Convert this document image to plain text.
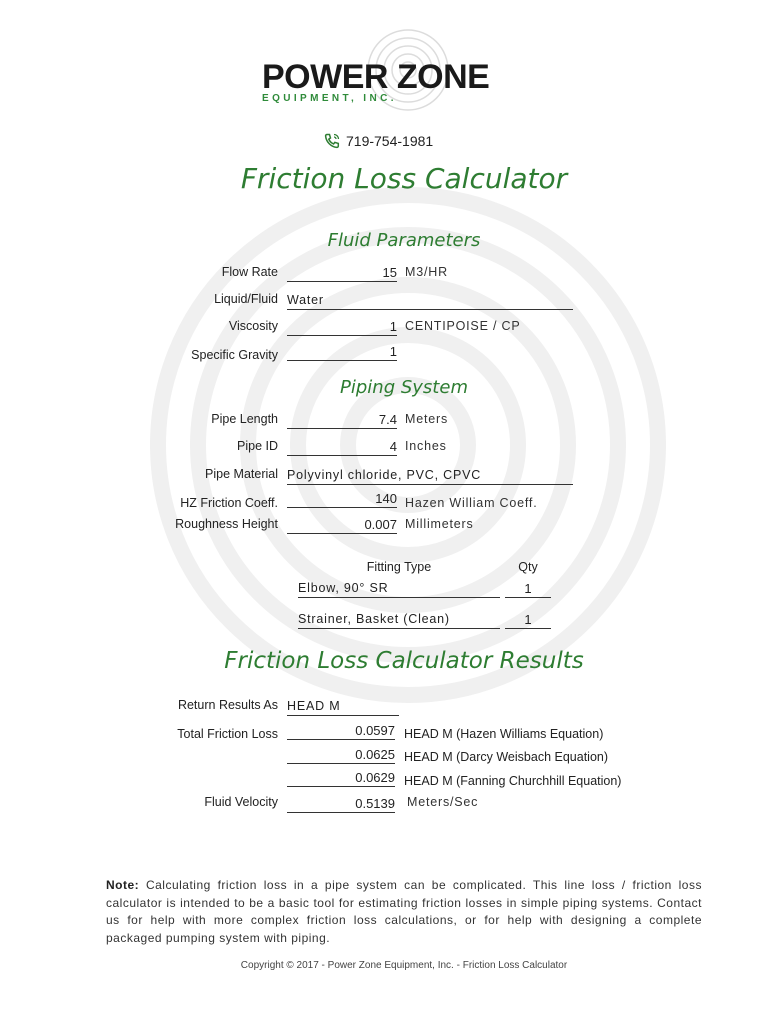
POWER ZONE
EQUIPMENT, INC.
719-754-1981
Friction Loss Calculator
Fluid Parameters
Flow Rate	15 M3/HR
Liquid/Fluid Water
Viscosity	1 CENTIPOISE / CP
Specific Gravity	1
Piping System
Pipe Length	7.4 Meters
Pipe ID	4 Inches
Pipe Material Polyvinyl chloride, PVC, CPVC
HZ Friction Coeff.	140 Hazen William Coeff.
Roughness Height	0.007 Millimeters
Fitting Type	Qty
Elbow, 90° SR	1
Strainer, Basket (Clean)	1
Friction Loss Calculator Results
Return Results As HEAD M
Total Friction Loss	0.0597 HEAD M (Hazen Williams Equation)
0.0625 HEAD M (Darcy Weisbach Equation)
0.0629 HEAD M (Fanning Churchhill Equation)
Fluid Velocity	0.5139 Meters/Sec
Note: Calculating friction loss in a pipe system can be complicated. This line loss / friction loss calculator is intended to be a basic tool for estimating friction losses in simple piping systems. Contact us for help with more complex friction loss calculations, or for help with designing a complete packaged pumping system with piping.
Copyright © 2017 - Power Zone Equipment, Inc. - Friction Loss Calculator
